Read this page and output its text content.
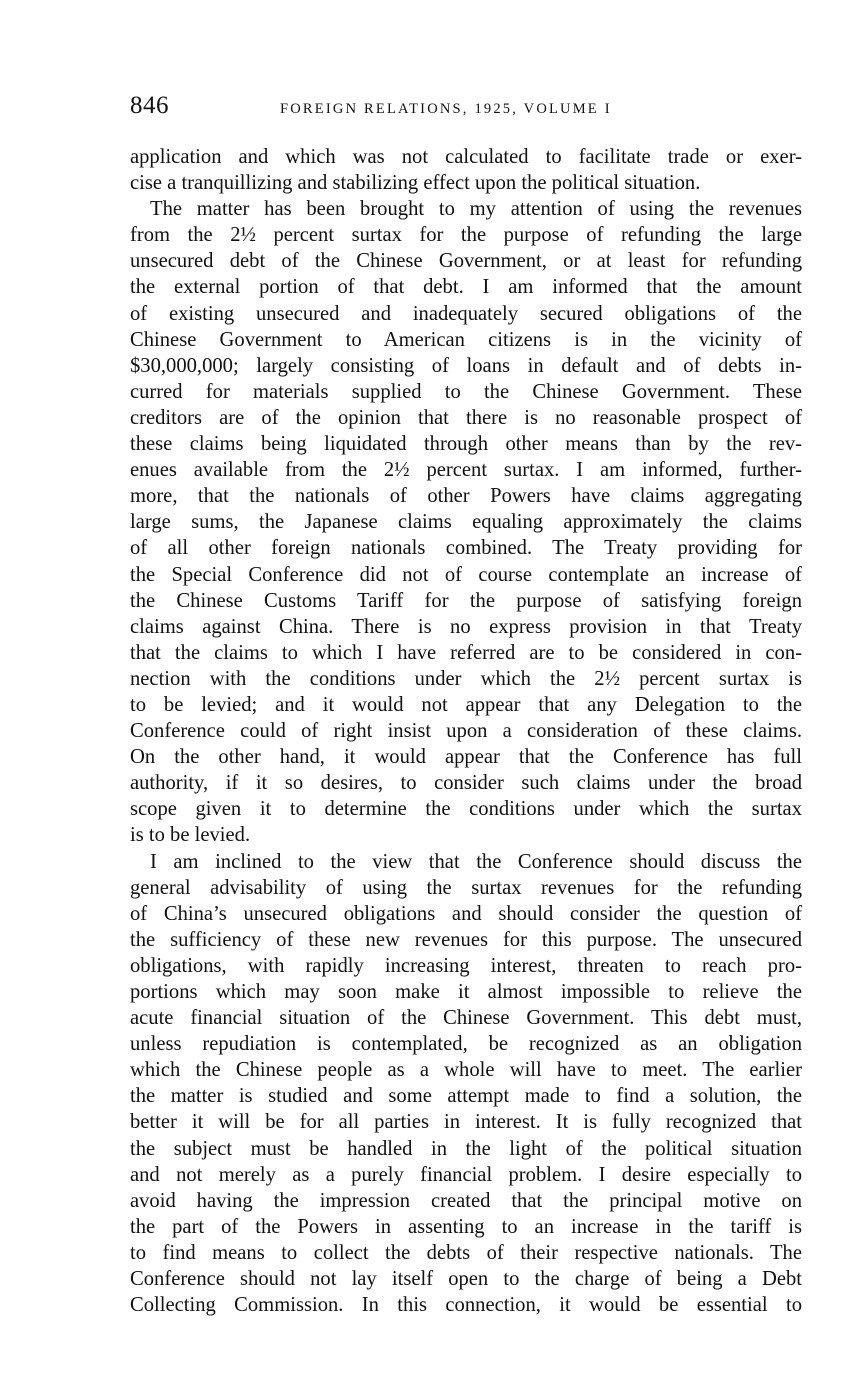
846	FOREIGN RELATIONS, 1925, VOLUME I
application and which was not calculated to facilitate trade or exer-
cise a tranquillizing and stabilizing effect upon the political situation.
The matter has been brought to my attention of using the revenues
from the 2½ percent surtax for the purpose of refunding the large
unsecured debt of the Chinese Government, or at least for refunding
the external portion of that debt. I am informed that the amount
of existing unsecured and inadequately secured obligations of the
Chinese Government to American citizens is in the vicinity of
$30,000,000; largely consisting of loans in default and of debts in-
curred for materials supplied to the Chinese Government. These
creditors are of the opinion that there is no reasonable prospect of
these claims being liquidated through other means than by the rev-
enues available from the 2½ percent surtax. I am informed, further-
more, that the nationals of other Powers have claims aggregating
large sums, the Japanese claims equaling approximately the claims
of all other foreign nationals combined. The Treaty providing for
the Special Conference did not of course contemplate an increase of
the Chinese Customs Tariff for the purpose of satisfying foreign
claims against China. There is no express provision in that Treaty
that the claims to which I have referred are to be considered in con-
nection with the conditions under which the 2½ percent surtax is
to be levied; and it would not appear that any Delegation to the
Conference could of right insist upon a consideration of these claims.
On the other hand, it would appear that the Conference has full
authority, if it so desires, to consider such claims under the broad
scope given it to determine the conditions under which the surtax
is to be levied.
I am inclined to the view that the Conference should discuss the
general advisability of using the surtax revenues for the refunding
of China’s unsecured obligations and should consider the question of
the sufficiency of these new revenues for this purpose. The unsecured
obligations, with rapidly increasing interest, threaten to reach pro-
portions which may soon make it almost impossible to relieve the
acute financial situation of the Chinese Government. This debt must,
unless repudiation is contemplated, be recognized as an obligation
which the Chinese people as a whole will have to meet. The earlier
the matter is studied and some attempt made to find a solution, the
better it will be for all parties in interest. It is fully recognized that
the subject must be handled in the light of the political situation
and not merely as a purely financial problem. I desire especially to
avoid having the impression created that the principal motive on
the part of the Powers in assenting to an increase in the tariff is
to find means to collect the debts of their respective nationals. The
Conference should not lay itself open to the charge of being a Debt
Collecting Commission. In this connection, it would be essential to
